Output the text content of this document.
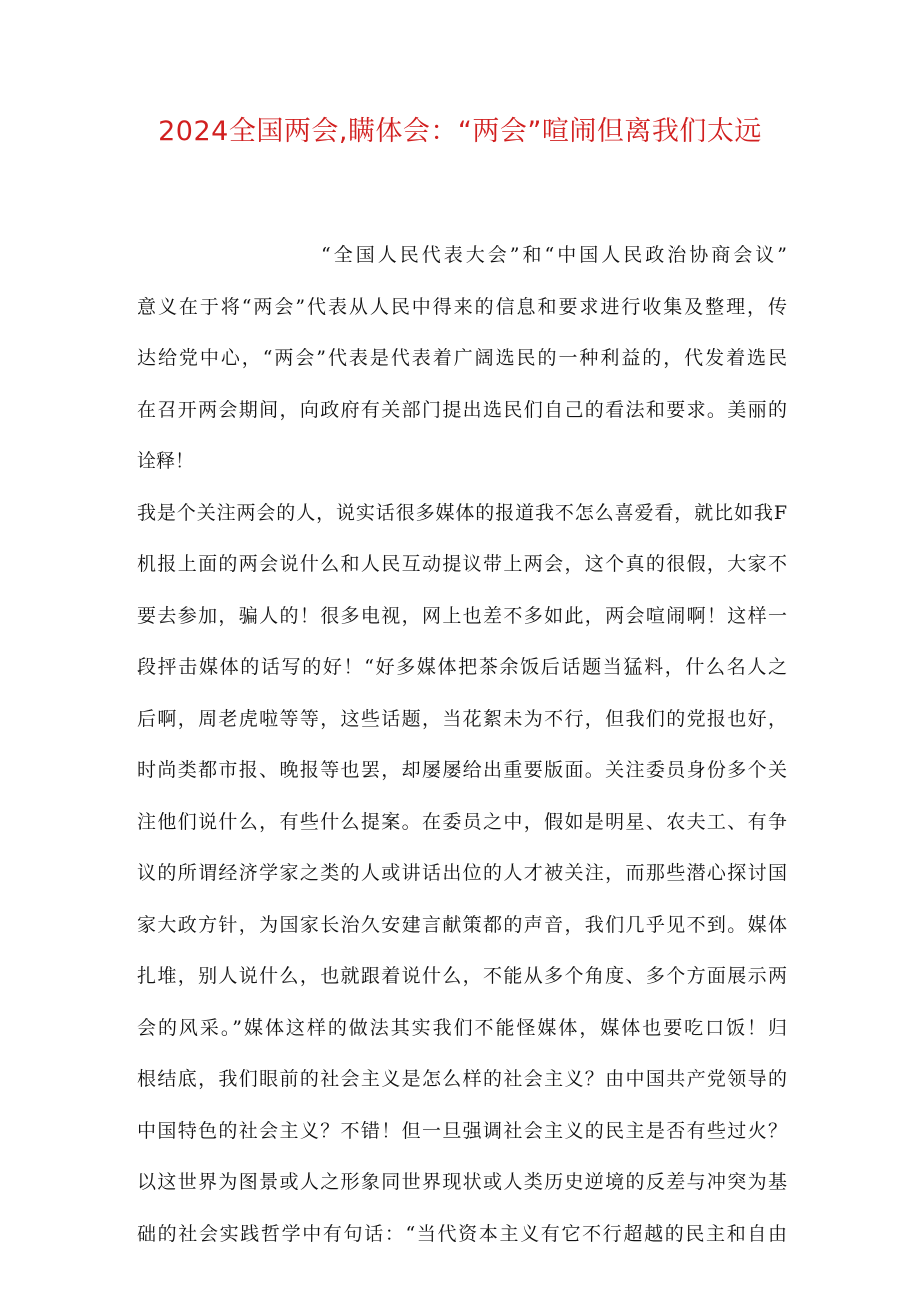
2024全国两会,瞒体会：“两会”喧闹但离我们太远
“全国人民代表大会”和“中国人民政治协商会议”
意义在于将“两会”代表从人民中得来的信息和要求进行收集及整理，传
达给党中心，“两会”代表是代表着广阔选民的一种利益的，代发着选民
在召开两会期间，向政府有关部门提出选民们自己的看法和要求。美丽的
诠释！
我是个关注两会的人，说实话很多媒体的报道我不怎么喜爱看，就比如我F
机报上面的两会说什么和人民互动提议带上两会，这个真的很假，大家不
要去参加，骗人的！很多电视，网上也差不多如此，两会喧闹啊！这样一
段抨击媒体的话写的好！“好多媒体把茶余饭后话题当猛料，什么名人之
后啊，周老虎啦等等，这些话题，当花絮未为不行，但我们的党报也好，
时尚类都市报、晚报等也罢，却屡屡给出重要版面。关注委员身份多个关
注他们说什么，有些什么提案。在委员之中，假如是明星、农夫工、有争
议的所谓经济学家之类的人或讲话出位的人才被关注，而那些潜心探讨国
家大政方针，为国家长治久安建言献策都的声音，我们几乎见不到。媒体
扎堆，别人说什么，也就跟着说什么，不能从多个角度、多个方面展示两
会的风采。”媒体这样的做法其实我们不能怪媒体，媒体也要吃口饭！归
根结底，我们眼前的社会主义是怎么样的社会主义？由中国共产党领导的
中国特色的社会主义？不错！但一旦强调社会主义的民主是否有些过火？
以这世界为图景或人之形象同世界现状或人类历史逆境的反差与冲突为基
础的社会实践哲学中有句话：“当代资本主义有它不行超越的民主和自由
